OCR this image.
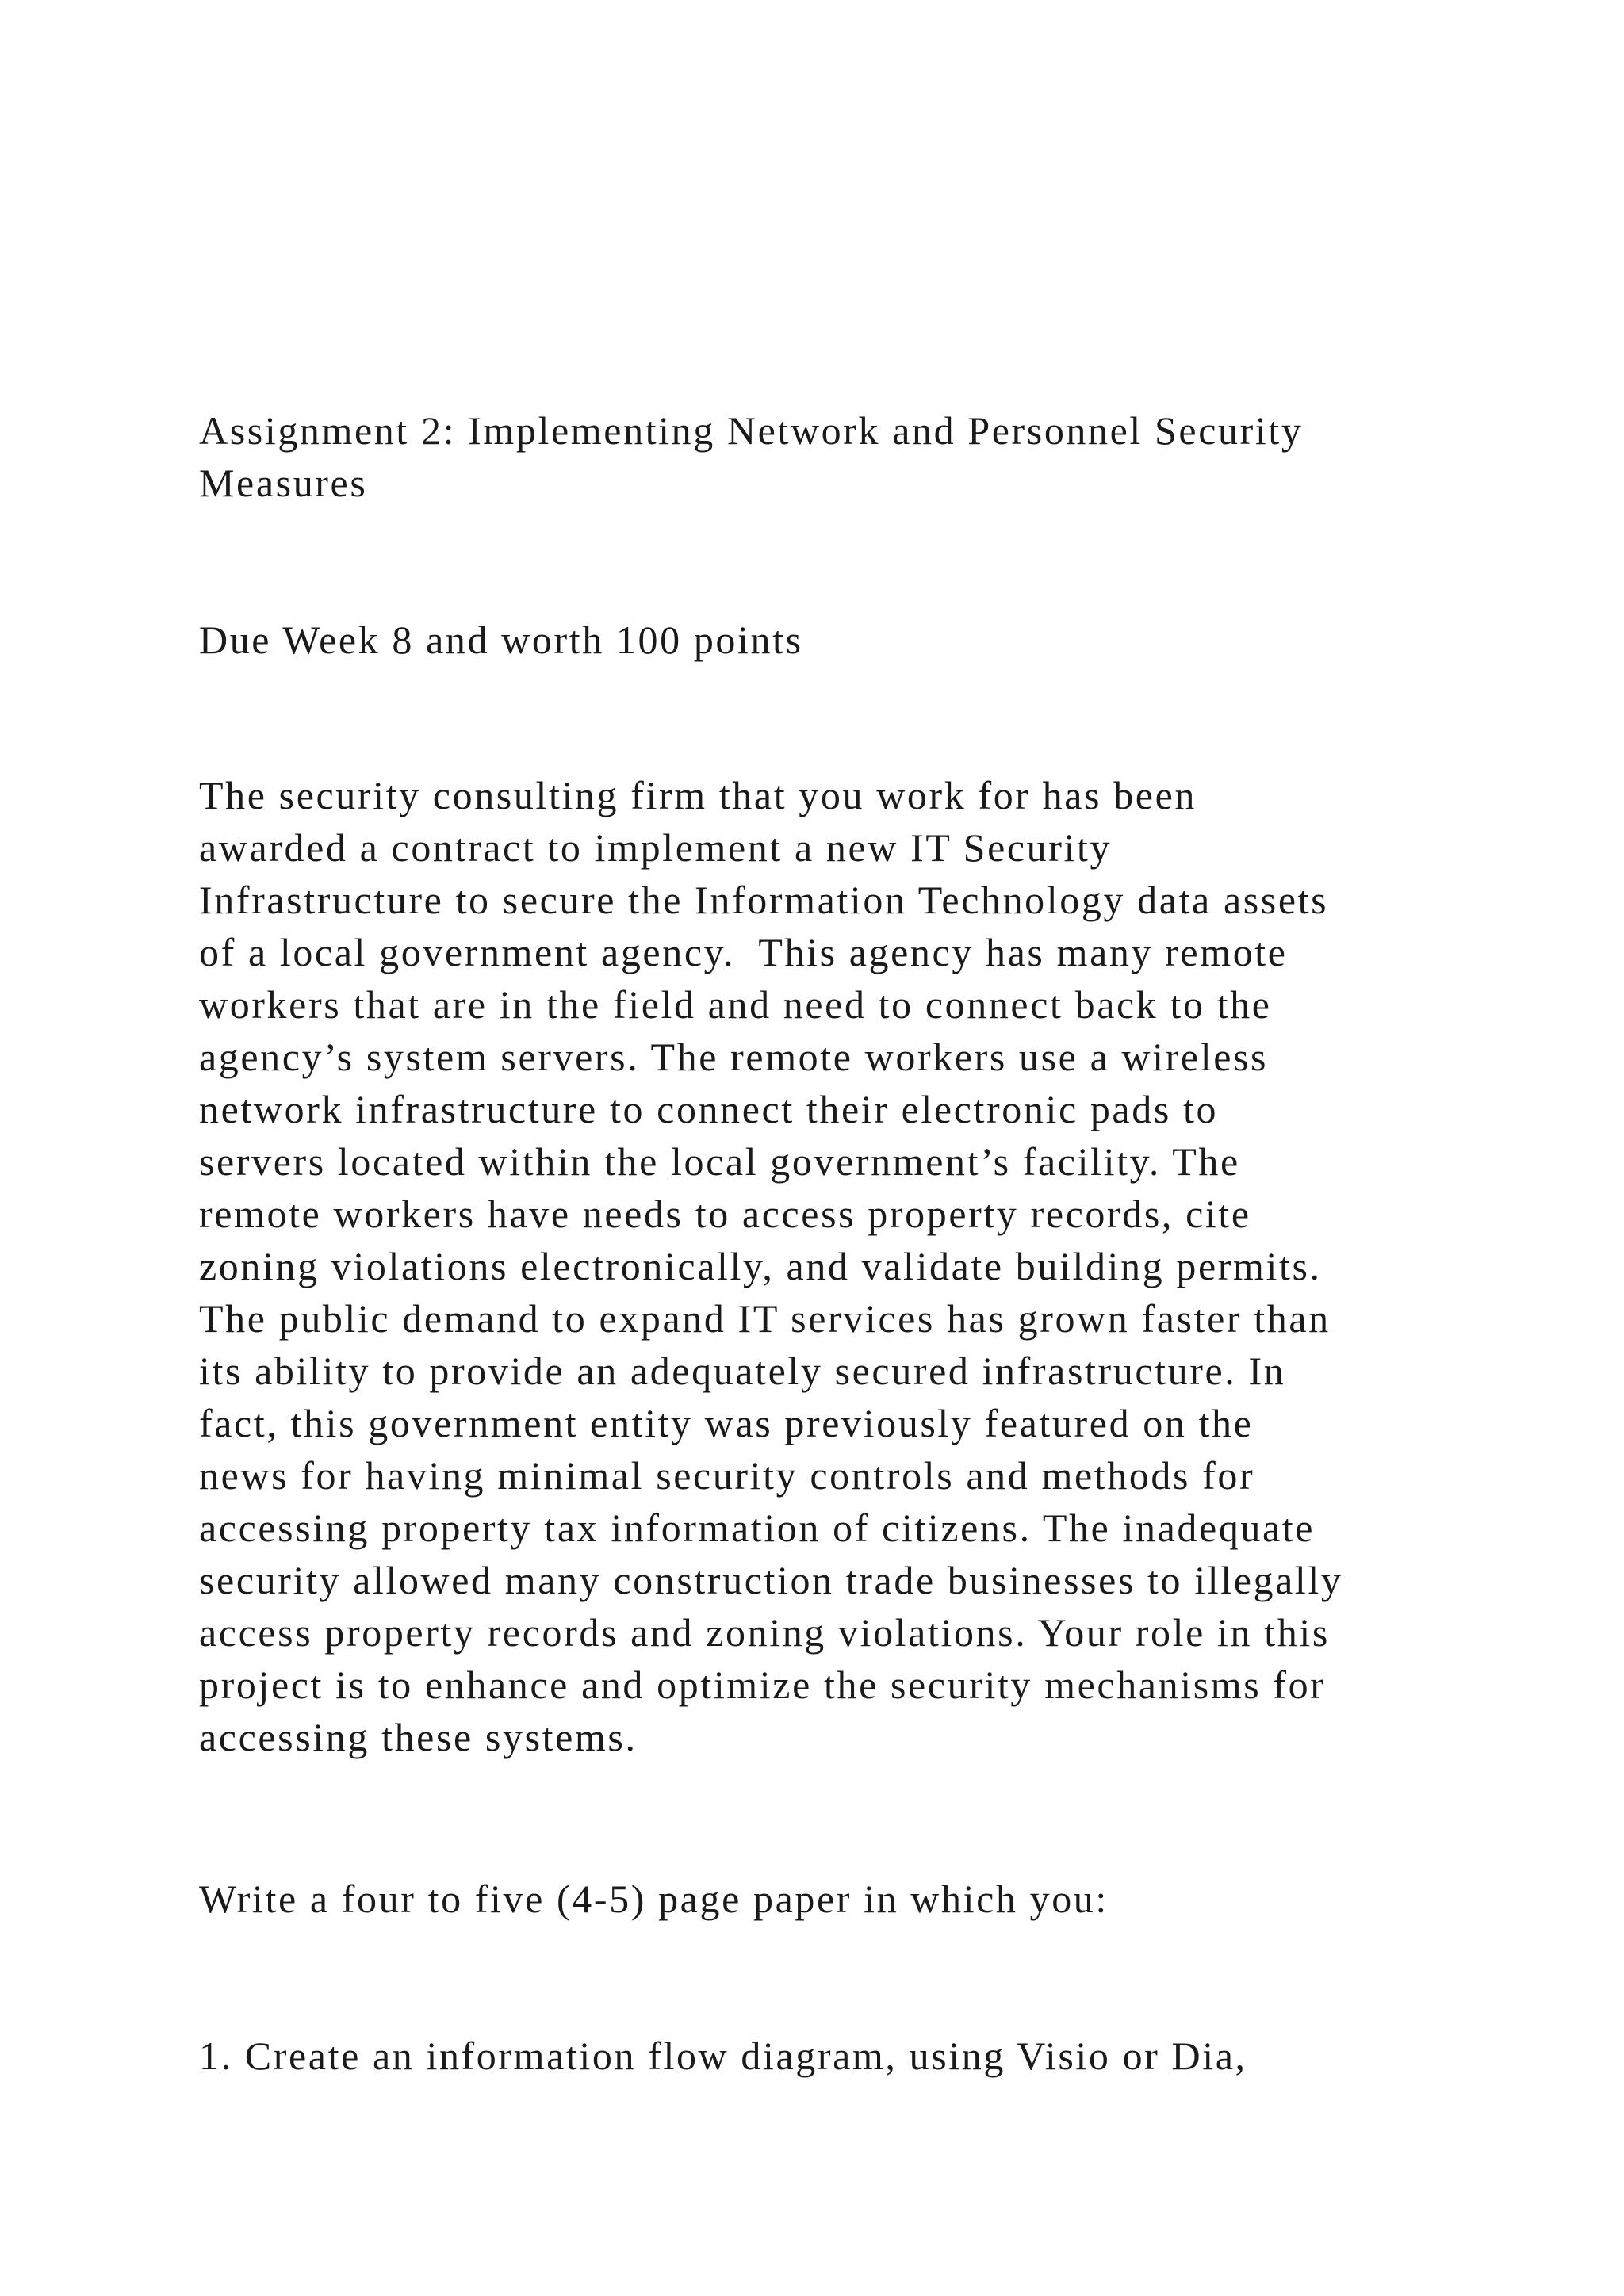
Assignment 2: Implementing Network and Personnel Security
Measures
Due Week 8 and worth 100 points
The security consulting firm that you work for has been
awarded a contract to implement a new IT Security
Infrastructure to secure the Information Technology data assets
of a local government agency.  This agency has many remote
workers that are in the field and need to connect back to the
agency’s system servers. The remote workers use a wireless
network infrastructure to connect their electronic pads to
servers located within the local government’s facility. The
remote workers have needs to access property records, cite
zoning violations electronically, and validate building permits.
The public demand to expand IT services has grown faster than
its ability to provide an adequately secured infrastructure. In
fact, this government entity was previously featured on the
news for having minimal security controls and methods for
accessing property tax information of citizens. The inadequate
security allowed many construction trade businesses to illegally
access property records and zoning violations. Your role in this
project is to enhance and optimize the security mechanisms for
accessing these systems.
Write a four to five (4-5) page paper in which you:
1. Create an information flow diagram, using Visio or Dia,
